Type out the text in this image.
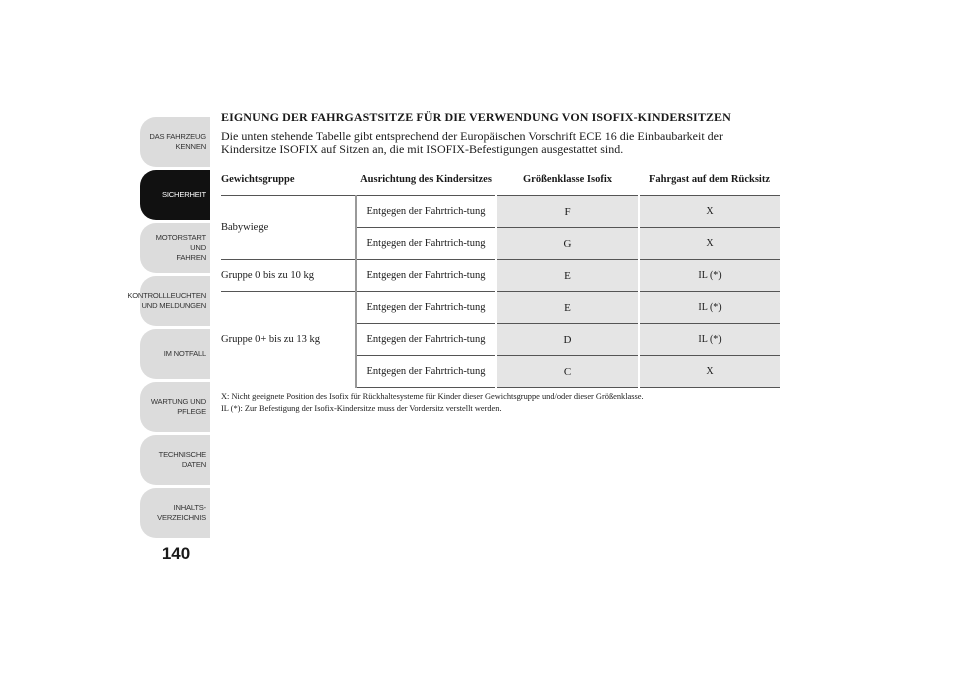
DAS FAHRZEUG
KENNEN
SICHERHEIT
MOTORSTART UND
FAHREN
KONTROLLLEUCHTEN
UND MELDUNGEN
IM NOTFALL
WARTUNG UND
PFLEGE
TECHNISCHE
DATEN
INHALTS-
VERZEICHNIS
140
EIGNUNG DER FAHRGASTSITZE FÜR DIE VERWENDUNG VON ISOFIX-KINDERSITZEN
Die unten stehende Tabelle gibt entsprechend der Europäischen Vorschrift ECE 16 die Einbaubarkeit der Kindersitze ISOFIX auf Sitzen an, die mit ISOFIX-Befestigungen ausgestattet sind.
Gewichtsgruppe	Ausrichtung des Kindersitzes	Größenklasse Isofix	Fahrgast auf dem Rücksitz
Babywiege	Entgegen der Fahrtrich-tung	F	X
	Entgegen der Fahrtrich-tung	G	X
Gruppe 0 bis zu 10 kg	Entgegen der Fahrtrich-tung	E	IL (*)
Gruppe 0+ bis zu 13 kg	Entgegen der Fahrtrich-tung	E	IL (*)
	Entgegen der Fahrtrich-tung	D	IL (*)
	Entgegen der Fahrtrich-tung	C	X
X: Nicht geeignete Position des Isofix für Rückhaltesysteme für Kinder dieser Gewichtsgruppe und/oder dieser Größenklasse.
IL (*): Zur Befestigung der Isofix-Kindersitze muss der Vordersitz verstellt werden.
